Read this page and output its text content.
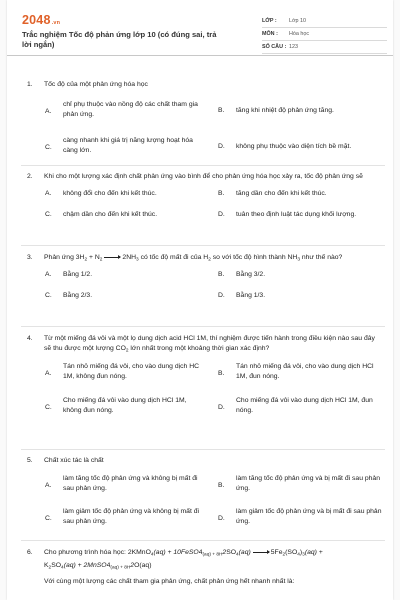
2048.vn
Trắc nghiệm Tốc độ phản ứng lớp 10 (có đúng sai, trả lời ngắn)
LỚP :	Lớp 10
MÔN :	Hóa học
SỐ CÂU : 123
1.	Tốc độ của một phản ứng hóa học
A.
chỉ phụ thuộc vào nồng độ các chất tham gia phản ứng.
B.	tăng khi nhiệt độ phản ứng tăng.
C.
càng nhanh khi giá trị năng lượng hoạt hóa càng lớn.
D.	không phụ thuộc vào diện tích bề mặt.
2.	Khi cho một lượng xác định chất phản ứng vào bình để cho phản ứng hóa học xảy ra, tốc độ phản ứng sẽ
A.	không đổi cho đến khi kết thúc.	B.	tăng dần cho đến khi kết thúc.
C.	chậm dần cho đến khi kết thúc.	D.	tuân theo định luật tác dụng khối lượng.
3.	Phản ứng $3H_2 + N_2 \to 2NH_3$ có tốc độ mất đi của $H_2$ so với tốc độ hình thành $NH_3$ như thế nào?
A.	Bằng 1/2.	B.	Bằng 3/2.
C.	Bằng 2/3.	D.	Bằng 1/3.
4.	Từ một miếng đá vôi và một lọ dung dịch acid HCl 1M, thí nghiệm được tiến hành trong điều kiện nào sau đây sẽ thu được một lượng $CO_2$ lớn nhất trong một khoảng thời gian xác định?
A.
Tán nhỏ miếng đá vôi, cho vào dung dịch HC 1M, không đun nóng.	B.
Tán nhỏ miếng đá vôi, cho vào dung dịch HCl 1M, đun nóng.
C.
Cho miếng đá vôi vào dung dịch HCl 1M, không đun nóng.	D.
Cho miếng đá vôi vào dung dịch HCl 1M, đun nóng.
5.	Chất xúc tác là chất
A.
làm tăng tốc độ phản ứng và không bị mất đi sau phản ứng.	B.
làm tăng tốc độ phản ứng và bị mất đi sau phản ứng.
C.
làm giảm tốc độ phản ứng và không bị mất đi sau phản ứng.	D.
làm giảm tốc độ phản ứng và bị mất đi sau phản ứng.
6.	Cho phương trình hóa học: 2KMnO$_4$(aq) + $10FeSO4_{(aq) + 8H}2SO_4(aq) \to 5Fe_2(SO_4)_3(aq)$ +
$K_2SO_4(aq)$ + $2MnSO4_{(aq) + 8H}2O(aq)$
Với cùng một lượng các chất tham gia phản ứng, chất phản ứng hết nhanh nhất là:
